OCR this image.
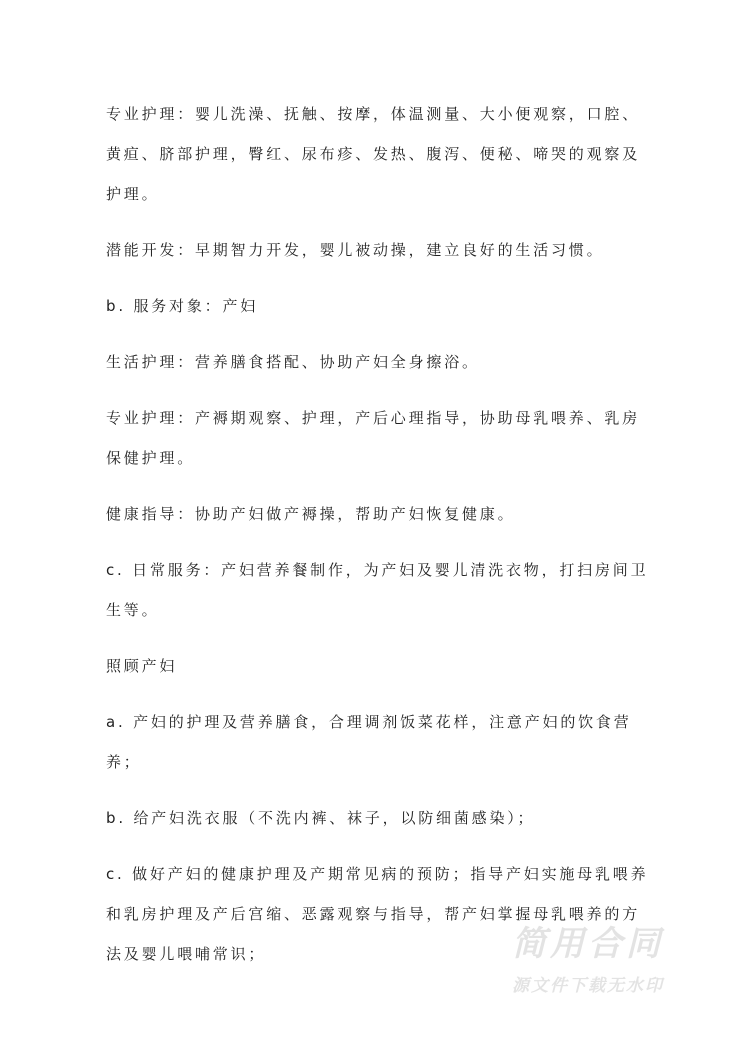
专业护理：婴儿洗澡、抚触、按摩，体温测量、大小便观察，口腔、黄疸、脐部护理，臀红、尿布疹、发热、腹泻、便秘、啼哭的观察及护理。

潜能开发：早期智力开发，婴儿被动操，建立良好的生活习惯。

b. 服务对象：产妇

生活护理：营养膳食搭配、协助产妇全身擦浴。

专业护理：产褥期观察、护理，产后心理指导，协助母乳喂养、乳房保健护理。

健康指导：协助产妇做产褥操，帮助产妇恢复健康。

c. 日常服务：产妇营养餐制作，为产妇及婴儿清洗衣物，打扫房间卫生等。

照顾产妇

a. 产妇的护理及营养膳食，合理调剂饭菜花样，注意产妇的饮食营养；

b. 给产妇洗衣服（不洗内裤、袜子，以防细菌感染）；

c. 做好产妇的健康护理及产期常见病的预防；指导产妇实施母乳喂养和乳房护理及产后宫缩、恶露观察与指导，帮产妇掌握母乳喂养的方法及婴儿喂哺常识；	简用合同
源文件下载无水印
